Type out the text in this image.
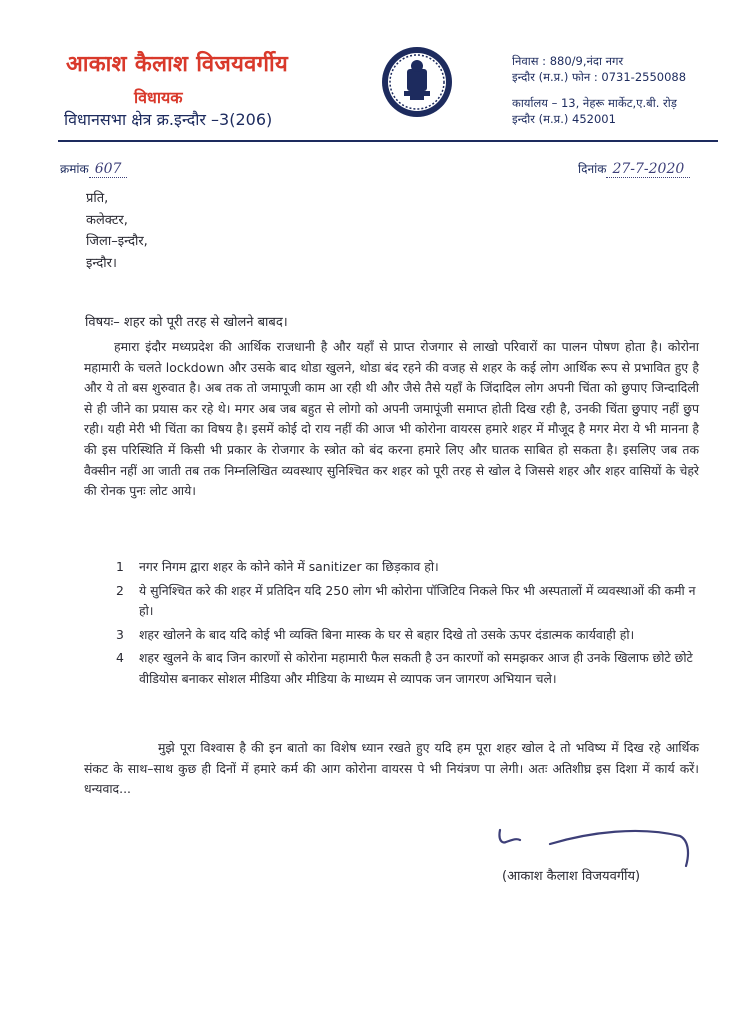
आकाश कैलाश विजयवर्गीय
विधायक
विधानसभा क्षेत्र क्र.इन्दौर –3(206)
निवास : 880/9,नंदा नगर
इन्दौर (म.प्र.) फोन : 0731-2550088
कार्यालय – 13, नेहरू मार्केट,ए.बी. रोड़
इन्दौर (म.प्र.) 452001
क्रमांक 607	दिनांक 27-7-2020
प्रति,
कलेक्टर,
जिला–इन्दौर,
इन्दौर।
विषयः– शहर को पूरी तरह से खोलने बाबद।
हमारा इंदौर मध्यप्रदेश की आर्थिक राजधानी है और यहाँ से प्राप्त रोजगार से लाखो परिवारों का पालन पोषण होता है। कोरोना महामारी के चलते lockdown और उसके बाद थोडा खुलने, थोडा बंद रहने की वजह से शहर के कई लोग आर्थिक रूप से प्रभावित हुए है और ये तो बस शुरुवात है। अब तक तो जमापूजी काम आ रही थी और जैसे तैसे यहाँ के जिंदादिल लोग अपनी चिंता को छुपाए जिन्दादिली से ही जीने का प्रयास कर रहे थे। मगर अब जब बहुत से लोगो को अपनी जमापूंजी समाप्त होती दिख रही है, उनकी चिंता छुपाए नहीं छुप रही। यही मेरी भी चिंता का विषय है। इसमें कोई दो राय नहीं की आज भी कोरोना वायरस हमारे शहर में मौजूद है मगर मेरा ये भी मानना है की इस परिस्थिति में किसी भी प्रकार के रोजगार के स्त्रोत को बंद करना हमारे लिए और घातक साबित हो सकता है। इसलिए जब तक वैक्सीन नहीं आ जाती तब तक निम्नलिखित व्यवस्थाए सुनिश्चित कर शहर को पूरी तरह से खोल दे जिससे शहर और शहर वासियों के चेहरे की रोनक पुनः लोट आये।
1 नगर निगम द्वारा शहर के कोने कोने में sanitizer का छिड़काव हो।
2 ये सुनिश्चित करे की शहर में प्रतिदिन यदि 250 लोग भी कोरोना पॉजिटिव निकले फिर भी अस्पतालों में व्यवस्थाओं की कमी न हो।
3 शहर खोलने के बाद यदि कोई भी व्यक्ति बिना मास्क के घर से बहार दिखे तो उसके ऊपर दंडात्मक कार्यवाही हो।
4 शहर खुलने के बाद जिन कारणों से कोरोना महामारी फैल सकती है उन कारणों को समझकर आज ही उनके खिलाफ छोटे छोटे वीडियोस बनाकर सोशल मीडिया और मीडिया के माध्यम से व्यापक जन जागरण अभियान चले।
मुझे पूरा विश्वास है की इन बातो का विशेष ध्यान रखते हुए यदि हम पूरा शहर खोल दे तो भविष्य में दिख रहे आर्थिक संकट के साथ–साथ कुछ ही दिनों में हमारे कर्म की आग कोरोना वायरस पे भी नियंत्रण पा लेगी। अतः अतिशीघ्र इस दिशा में कार्य करें। धन्यवाद...
(आकाश कैलाश विजयवर्गीय)
